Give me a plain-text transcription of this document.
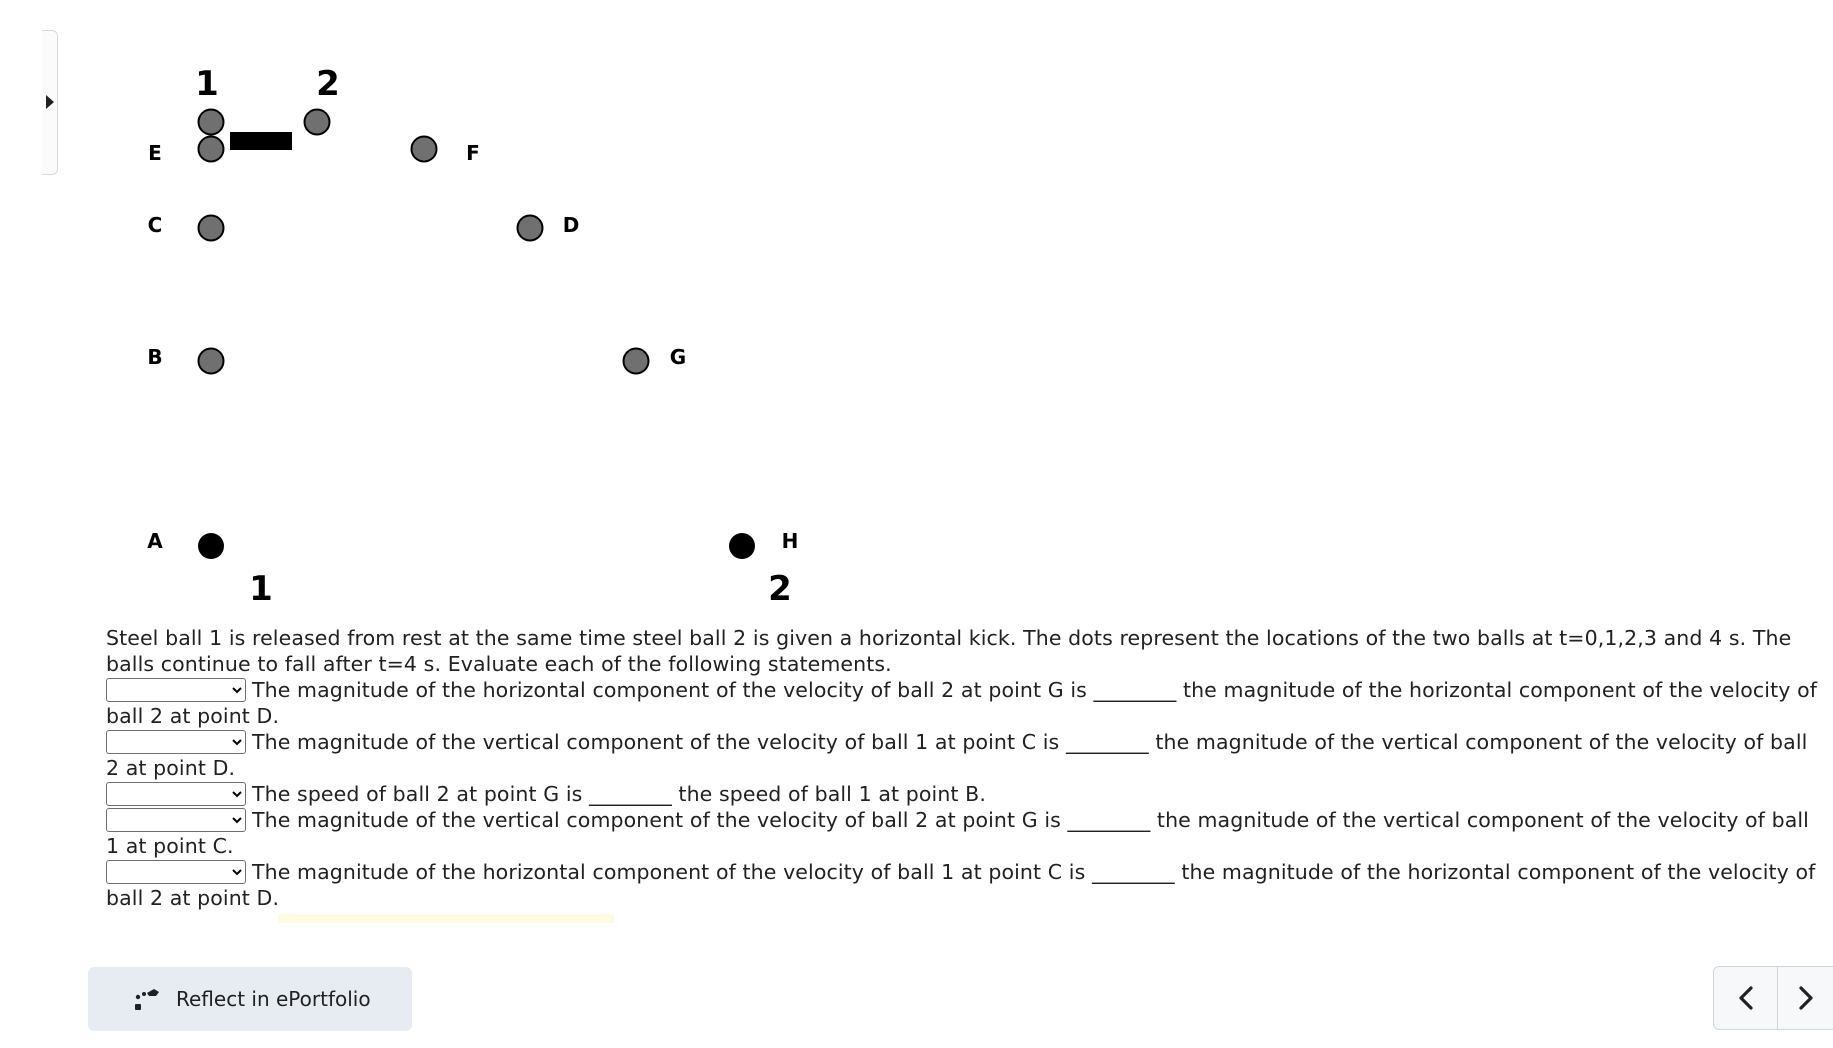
1	2
E	F
C	D
B	G
A	H
1	2

Steel ball 1 is released from rest at the same time steel ball 2 is given a horizontal kick. The dots represent the locations of the two balls at t=0,1,2,3 and 4 s. The balls continue to fall after t=4 s. Evaluate each of the following statements.

The magnitude of the horizontal component of the velocity of ball 2 at point G is ________ the magnitude of the horizontal component of the velocity of ball 2 at point D.

The magnitude of the vertical component of the velocity of ball 1 at point C is ________ the magnitude of the vertical component of the velocity of ball 2 at point D.

The speed of ball 2 at point G is ________ the speed of ball 1 at point B.

The magnitude of the vertical component of the velocity of ball 2 at point G is ________ the magnitude of the vertical component of the velocity of ball 1 at point C.

The magnitude of the horizontal component of the velocity of ball 1 at point C is ________ the magnitude of the horizontal component of the velocity of ball 2 at point D.

Reflect in ePortfolio
